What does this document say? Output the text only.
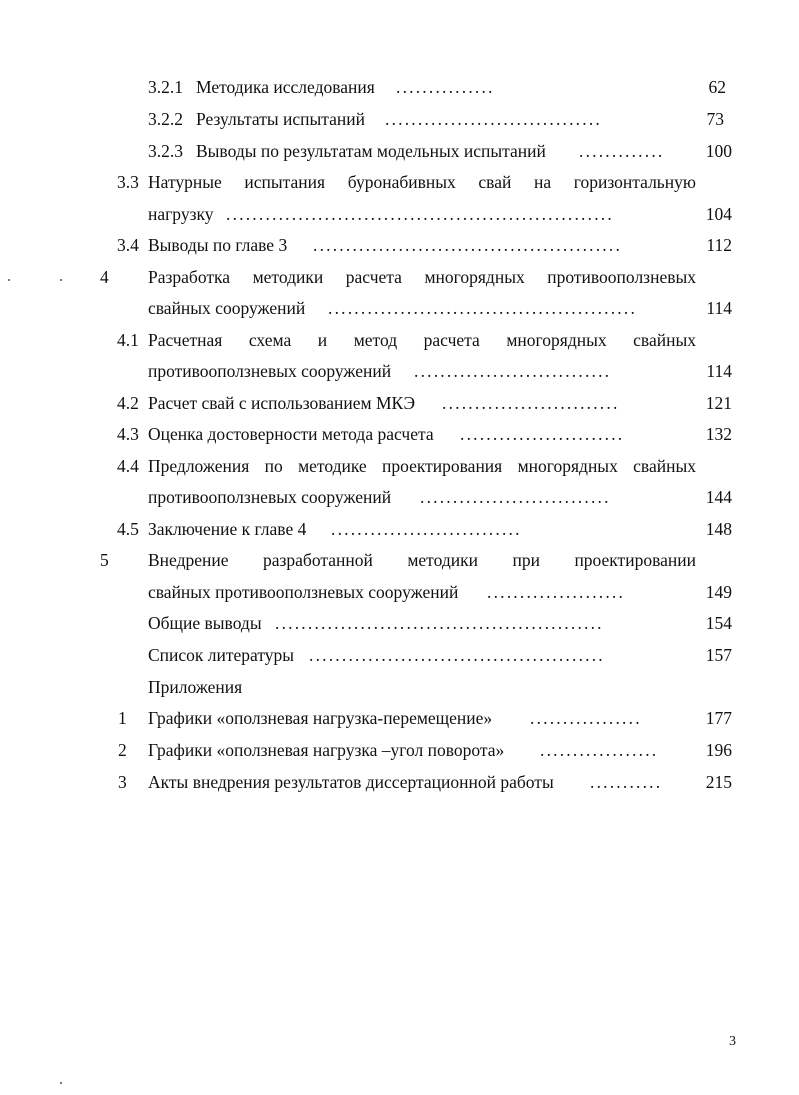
3.2.1 Методика исследования ...............	62
3.2.2 Результаты испытаний .................................	73
3.2.3 Выводы по результатам модельных испытаний .............	100
3.3 Натурные испытания буронабивных свай на горизонтальную
нагрузку ...........................................................	104
3.4 Выводы по главе 3 ...............................................	112
4 Разработка методики расчета многорядных противооползневых
свайных сооружений ...............................................	114
4.1 Расчетная схема и метод расчета многорядных свайных
противооползневых сооружений ..............................	114
4.2 Расчет свай с использованием МКЭ ...........................	121
4.3 Оценка достоверности метода расчета .........................	132
4.4 Предложения по методике проектирования многорядных свайных
противооползневых сооружений .............................	144
4.5 Заключение к главе 4 .............................	148
5 Внедрение разработанной методики при проектировании
свайных противооползневых сооружений .....................	149
Общие выводы ..................................................	154
Список литературы .............................................	157
Приложения
1 Графики «оползневая нагрузка-перемещение» .................	177
2 Графики «оползневая нагрузка –угол поворота» ..................	196
3 Акты внедрения результатов диссертационной работы ...........	215
3
